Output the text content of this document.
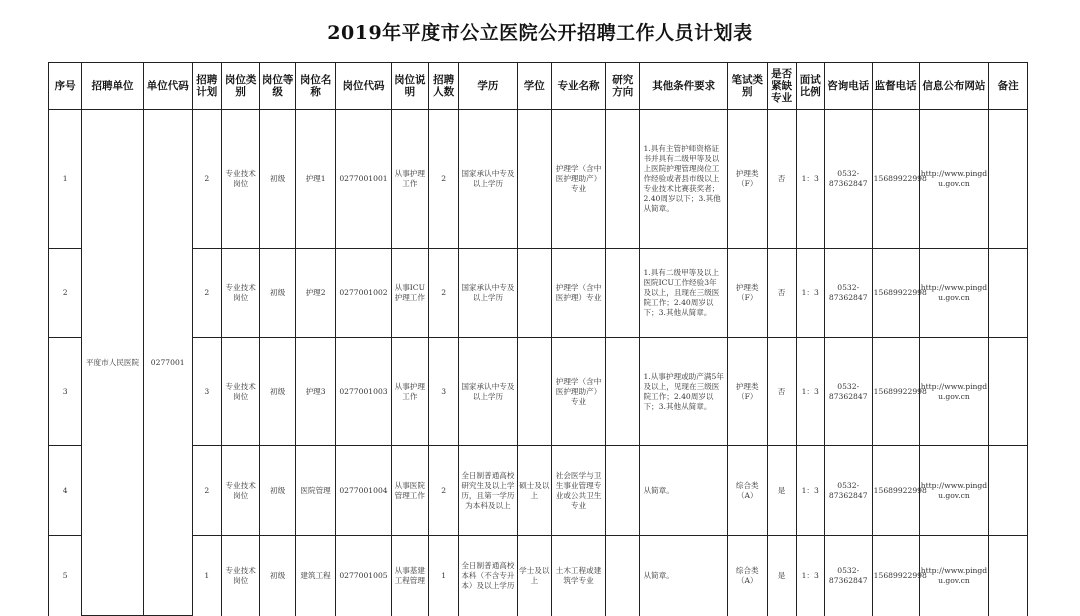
2019年平度市公立医院公开招聘工作人员计划表
序号	招聘单位	单位代码	招聘计划	岗位类别	岗位等级	岗位名称	岗位代码	岗位说明	招聘人数	学历	学位	专业名称	研究方向	其他条件要求	笔试类别	是否紧缺专业	面试比例	咨询电话	监督电话	信息公布网站	备注
1	平度市人民医院	0277001	2	专业技术岗位	初级	护理1	0277001001	从事护理工作	2	国家承认中专及以上学历		护理学（含中医护理助产）专业		1.具有主管护师资格证书并具有二级甲等及以上医院护理管理岗位工作经验或者县市级以上专业技术比赛获奖者；2.40周岁以下；3.其他从简章。	护理类（F）	否	1：3	0532-87362847	15689922998	http://www.pingdu.gov.cn	
2			2	专业技术岗位	初级	护理2	0277001002	从事ICU护理工作	2	国家承认中专及以上学历		护理学（含中医护理）专业		1.具有二级甲等及以上医院ICU工作经验3年及以上，且现在三级医院工作；2.40周岁以下；3.其他从简章。	护理类（F）	否	1：3	0532-87362847	15689922998	http://www.pingdu.gov.cn	
3			3	专业技术岗位	初级	护理3	0277001003	从事护理工作	3	国家承认中专及以上学历		护理学（含中医护理助产）专业		1.从事护理或助产满5年及以上，见现在三级医院工作；2.40周岁以下；3.其他从简章。	护理类（F）	否	1：3	0532-87362847	15689922998	http://www.pingdu.gov.cn	
4			2	专业技术岗位	初级	医院管理	0277001004	从事医院管理工作	2	全日制普通高校研究生及以上学历，且第一学历为本科及以上	硕士及以上	社会医学与卫生事业管理专业或公共卫生专业		从简章。	综合类（A）	是	1：3	0532-87362847	15689922998	http://www.pingdu.gov.cn	
5			1	专业技术岗位	初级	建筑工程	0277001005	从事基建工程管理	1	全日制普通高校本科（不含专升本）及以上学历	学士及以上	土木工程或建筑学专业		从简章。	综合类（A）	是	1：3	0532-87362847	15689922998	http://www.pingdu.gov.cn	
